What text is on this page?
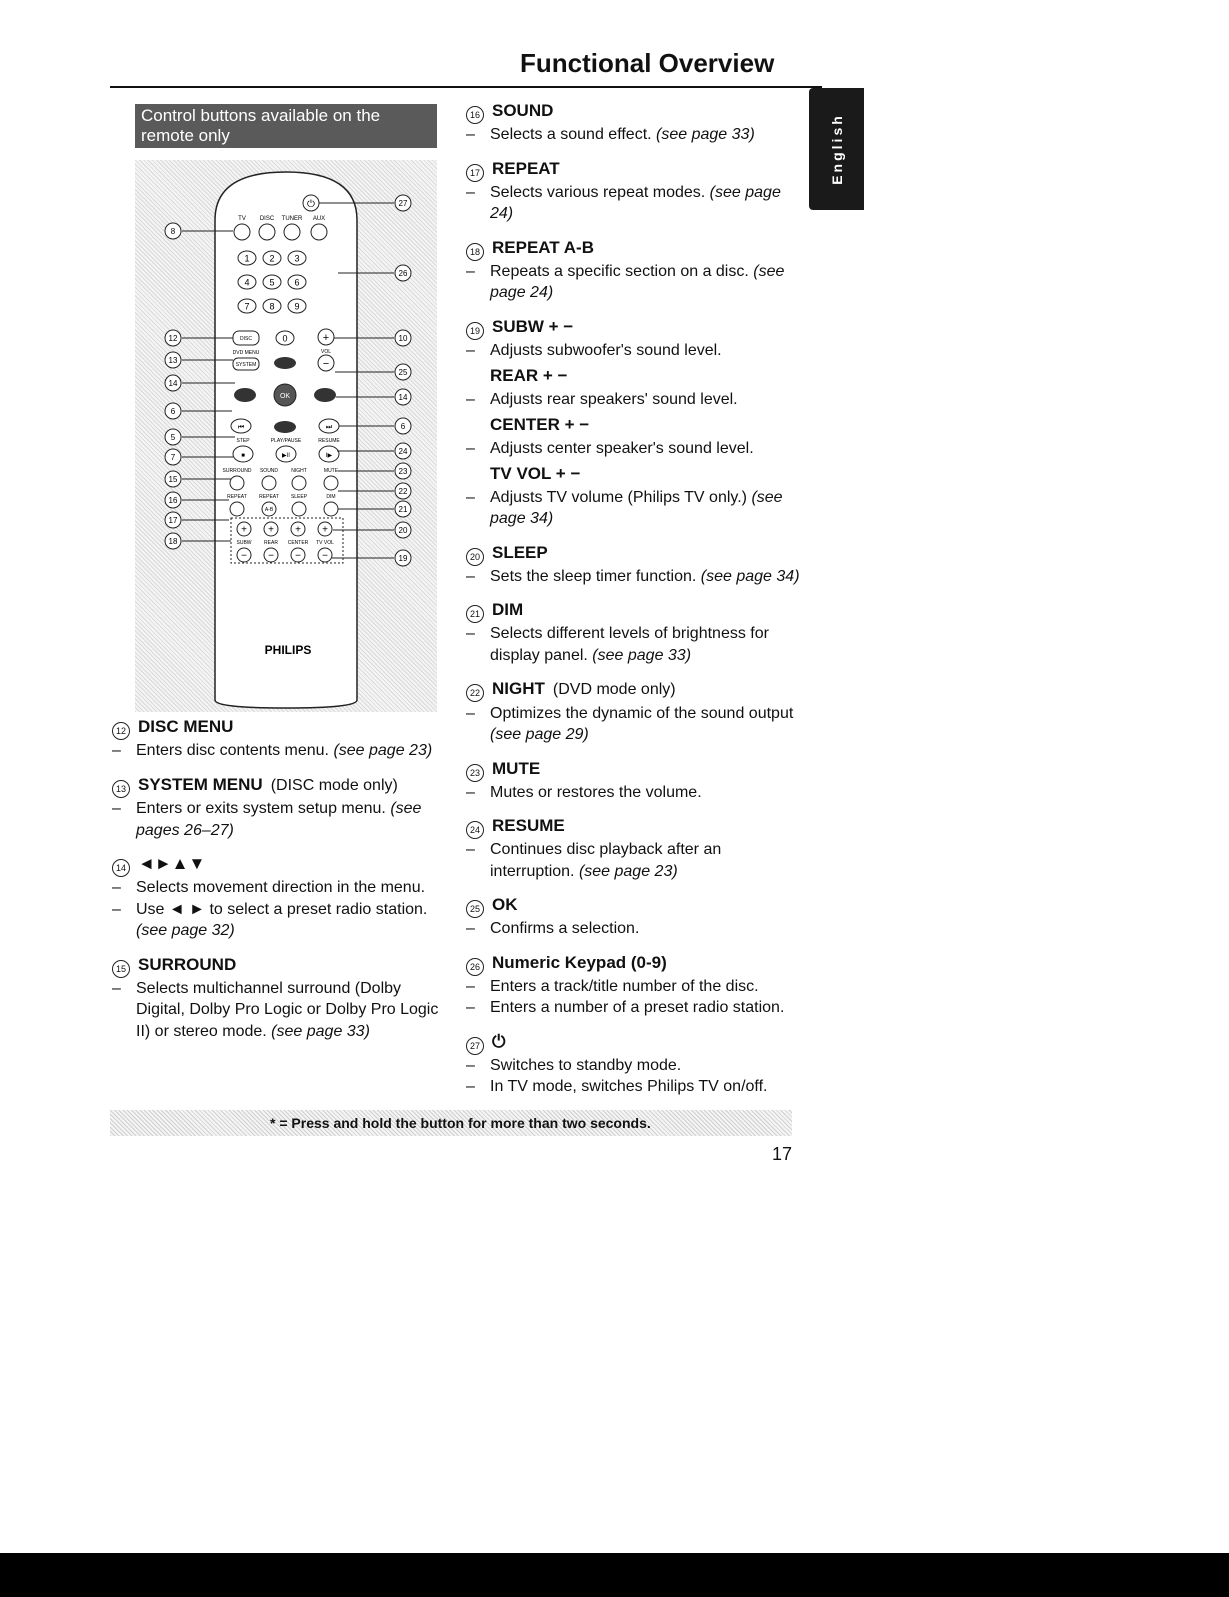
Functional Overview
English
Control buttons available on the remote only
⏻
TV DISC TUNER AUX
1 2 3
4 5 6
7 8 9
DISC	0	+
VOL
DVD MENU
SYSTEM	−
OK
⏮	⏭
STEP	PLAY/PAUSE	RESUME
■	▶II	I▶
SURROUND SOUND	NIGHT	MUTE
REPEAT REPEAT SLEEP	DIM
A-B
+
SUBW
−
+
REAR
−
+
CENTER
−
+
TV VOL
−
PHILIPS
8
12
13
14
6
5
7
15
16
17
18
27
26
10
25
14
6
24
23
22
21
20
19
12 DISC MENU
– Enters disc contents menu. (see page 23)
13 SYSTEM MENU (DISC mode only)
– Enters or exits system setup menu. (see pages 26–27)
14 ◄►▲▼
– Selects movement direction in the menu.
– Use ◄ ► to select a preset radio station. (see page 32)
15 SURROUND
– Selects multichannel surround (Dolby Digital, Dolby Pro Logic or Dolby Pro Logic II) or stereo mode. (see page 33)
16 SOUND
– Selects a sound effect. (see page 33)
17 REPEAT
– Selects various repeat modes. (see page 24)
18 REPEAT A-B
– Repeats a specific section on a disc. (see page 24)
19 SUBW + −
– Adjusts subwoofer's sound level.
REAR + −
– Adjusts rear speakers' sound level.
CENTER + −
– Adjusts center speaker's sound level.
TV VOL + −
– Adjusts TV volume (Philips TV only.) (see page 34)
20 SLEEP
– Sets the sleep timer function. (see page 34)
21 DIM
– Selects different levels of brightness for display panel. (see page 33)
22 NIGHT (DVD mode only)
– Optimizes the dynamic of the sound output (see page 29)
23 MUTE
– Mutes or restores the volume.
24 RESUME
– Continues disc playback after an interruption. (see page 23)
25 OK
– Confirms a selection.
26 Numeric Keypad (0-9)
– Enters a track/title number of the disc.
– Enters a number of a preset radio station.
27 ⏻
– Switches to standby mode.
– In TV mode, switches Philips TV on/off.
* = Press and hold the button for more than two seconds.
17
